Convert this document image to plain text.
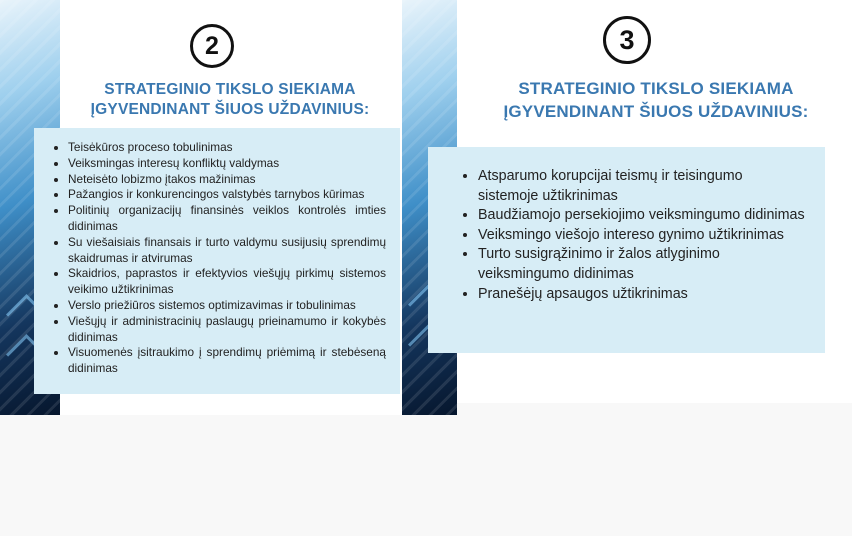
2
STRATEGINIO TIKSLO SIEKIAMA
ĮGYVENDINANT ŠIUOS UŽDAVINIUS:
• Teisėkūros proceso tobulinimas
• Veiksmingas interesų konfliktų valdymas
• Neteisėto lobizmo įtakos mažinimas
• Pažangios ir konkurencingos valstybės tarnybos kūrimas
• Politinių organizacijų finansinės veiklos kontrolės imties didinimas
• Su viešaisiais finansais ir turto valdymu susijusių sprendimų skaidrumas ir atvirumas
• Skaidrios, paprastos ir efektyvios viešųjų pirkimų sistemos veikimo užtikrinimas
• Verslo priežiūros sistemos optimizavimas ir tobulinimas
• Viešųjų ir administracinių paslaugų prieinamumo ir kokybės didinimas
• Visuomenės įsitraukimo į sprendimų priėmimą ir stebėseną didinimas
3
STRATEGINIO TIKSLO SIEKIAMA
ĮGYVENDINANT ŠIUOS UŽDAVINIUS:
• Atsparumo korupcijai teismų ir teisingumo sistemoje užtikrinimas
• Baudžiamojo persekiojimo veiksmingumo didinimas
• Veiksmingo viešojo intereso gynimo užtikrinimas
• Turto susigrąžinimo ir žalos atlyginimo veiksmingumo didinimas
• Pranešėjų apsaugos užtikrinimas
